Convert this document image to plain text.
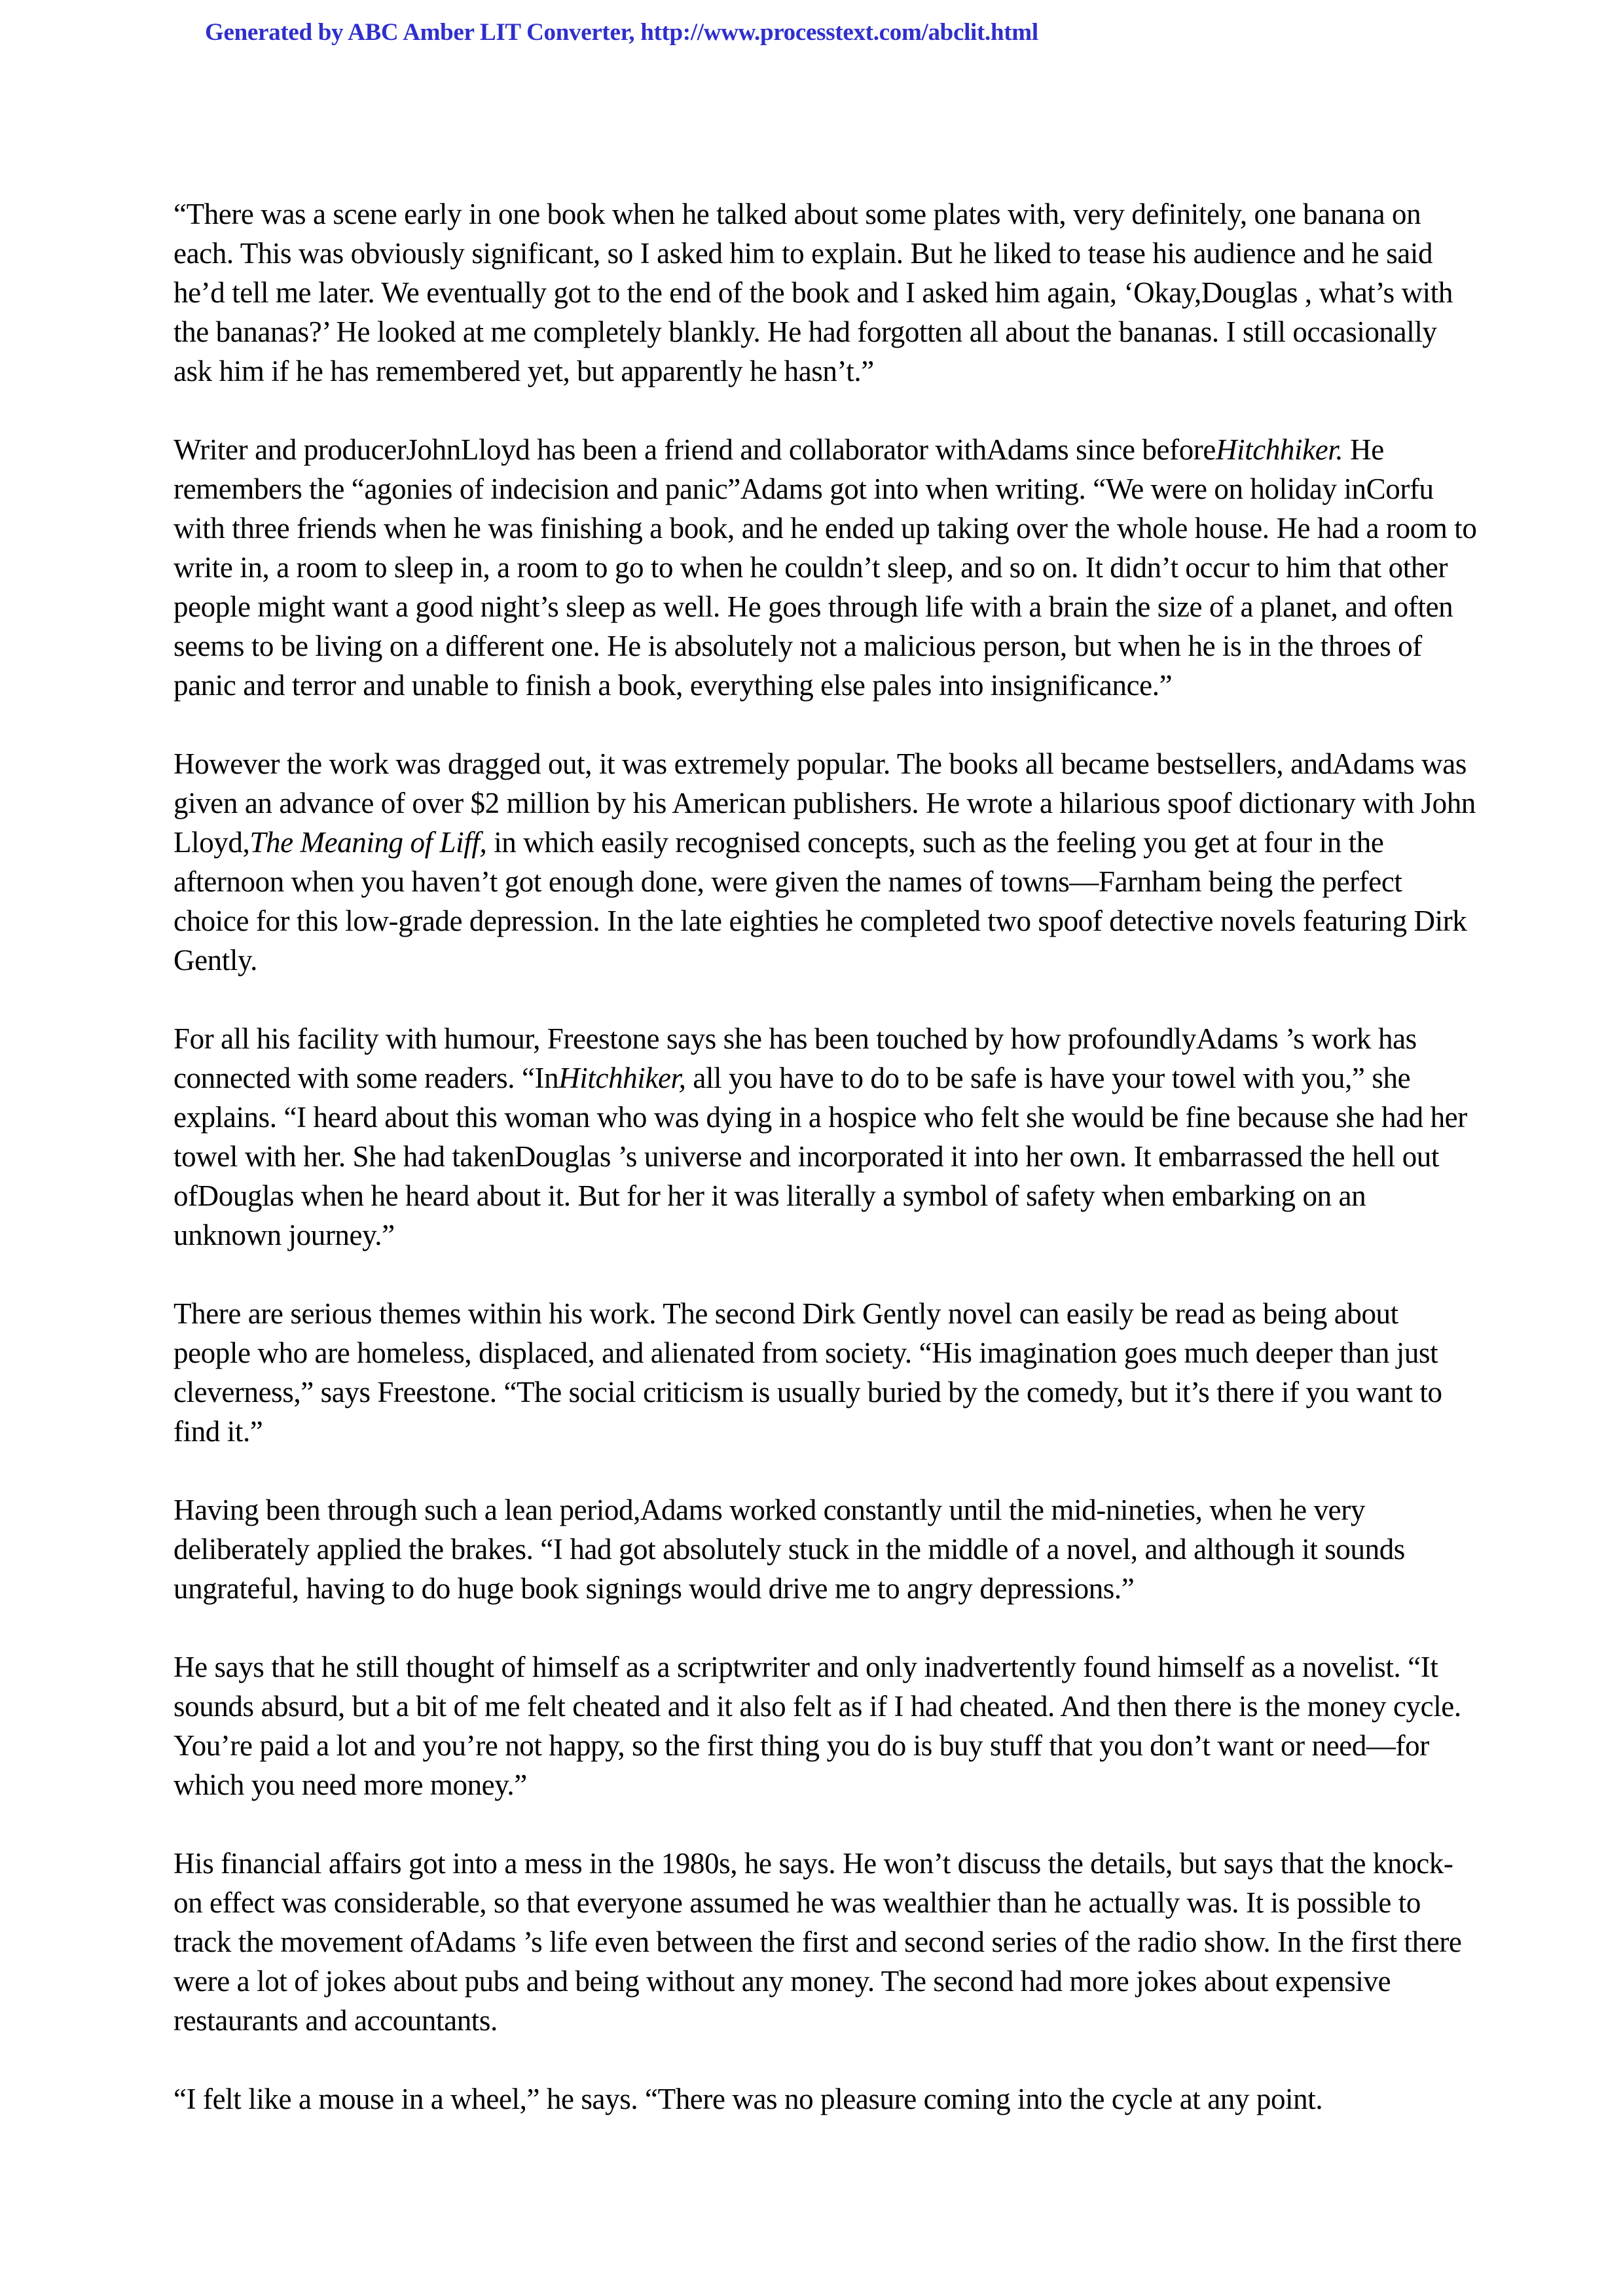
Generated by ABC Amber LIT Converter, http://www.processtext.com/abclit.html

“There was a scene early in one book when he talked about some plates with, very definitely, one banana on each. This was obviously significant, so I asked him to explain. But he liked to tease his audience and he said he’d tell me later. We eventually got to the end of the book and I asked him again, ‘Okay,Douglas , what’s with the bananas?’ He looked at me completely blankly. He had forgotten all about the bananas. I still occasionally ask him if he has remembered yet, but apparently he hasn’t.”

Writer and producerJohnLloyd has been a friend and collaborator withAdams since beforeHitchhiker. He remembers the “agonies of indecision and panic”Adams got into when writing. “We were on holiday inCorfu with three friends when he was finishing a book, and he ended up taking over the whole house. He had a room to write in, a room to sleep in, a room to go to when he couldn’t sleep, and so on. It didn’t occur to him that other people might want a good night’s sleep as well. He goes through life with a brain the size of a planet, and often seems to be living on a different one. He is absolutely not a malicious person, but when he is in the throes of panic and terror and unable to finish a book, everything else pales into insignificance.”

However the work was dragged out, it was extremely popular. The books all became bestsellers, andAdams was given an advance of over $2 million by his American publishers. He wrote a hilarious spoof dictionary with John Lloyd,The Meaning of Liff, in which easily recognised concepts, such as the feeling you get at four in the afternoon when you haven’t got enough done, were given the names of towns—Farnham being the perfect choice for this low-grade depression. In the late eighties he completed two spoof detective novels featuring Dirk Gently.

For all his facility with humour, Freestone says she has been touched by how profoundlyAdams ’s work has connected with some readers. “InHitchhiker, all you have to do to be safe is have your towel with you,” she explains. “I heard about this woman who was dying in a hospice who felt she would be fine because she had her towel with her. She had takenDouglas ’s universe and incorporated it into her own. It embarrassed the hell out ofDouglas when he heard about it. But for her it was literally a symbol of safety when embarking on an unknown journey.”

There are serious themes within his work. The second Dirk Gently novel can easily be read as being about people who are homeless, displaced, and alienated from society. “His imagination goes much deeper than just cleverness,” says Freestone. “The social criticism is usually buried by the comedy, but it’s there if you want to find it.”

Having been through such a lean period,Adams worked constantly until the mid-nineties, when he very deliberately applied the brakes. “I had got absolutely stuck in the middle of a novel, and although it sounds ungrateful, having to do huge book signings would drive me to angry depressions.”

He says that he still thought of himself as a scriptwriter and only inadvertently found himself as a novelist. “It sounds absurd, but a bit of me felt cheated and it also felt as if I had cheated. And then there is the money cycle. You’re paid a lot and you’re not happy, so the first thing you do is buy stuff that you don’t want or need—for which you need more money.”

His financial affairs got into a mess in the 1980s, he says. He won’t discuss the details, but says that the knock-on effect was considerable, so that everyone assumed he was wealthier than he actually was. It is possible to track the movement ofAdams ’s life even between the first and second series of the radio show. In the first there were a lot of jokes about pubs and being without any money. The second had more jokes about expensive restaurants and accountants.

“I felt like a mouse in a wheel,” he says. “There was no pleasure coming into the cycle at any point.
